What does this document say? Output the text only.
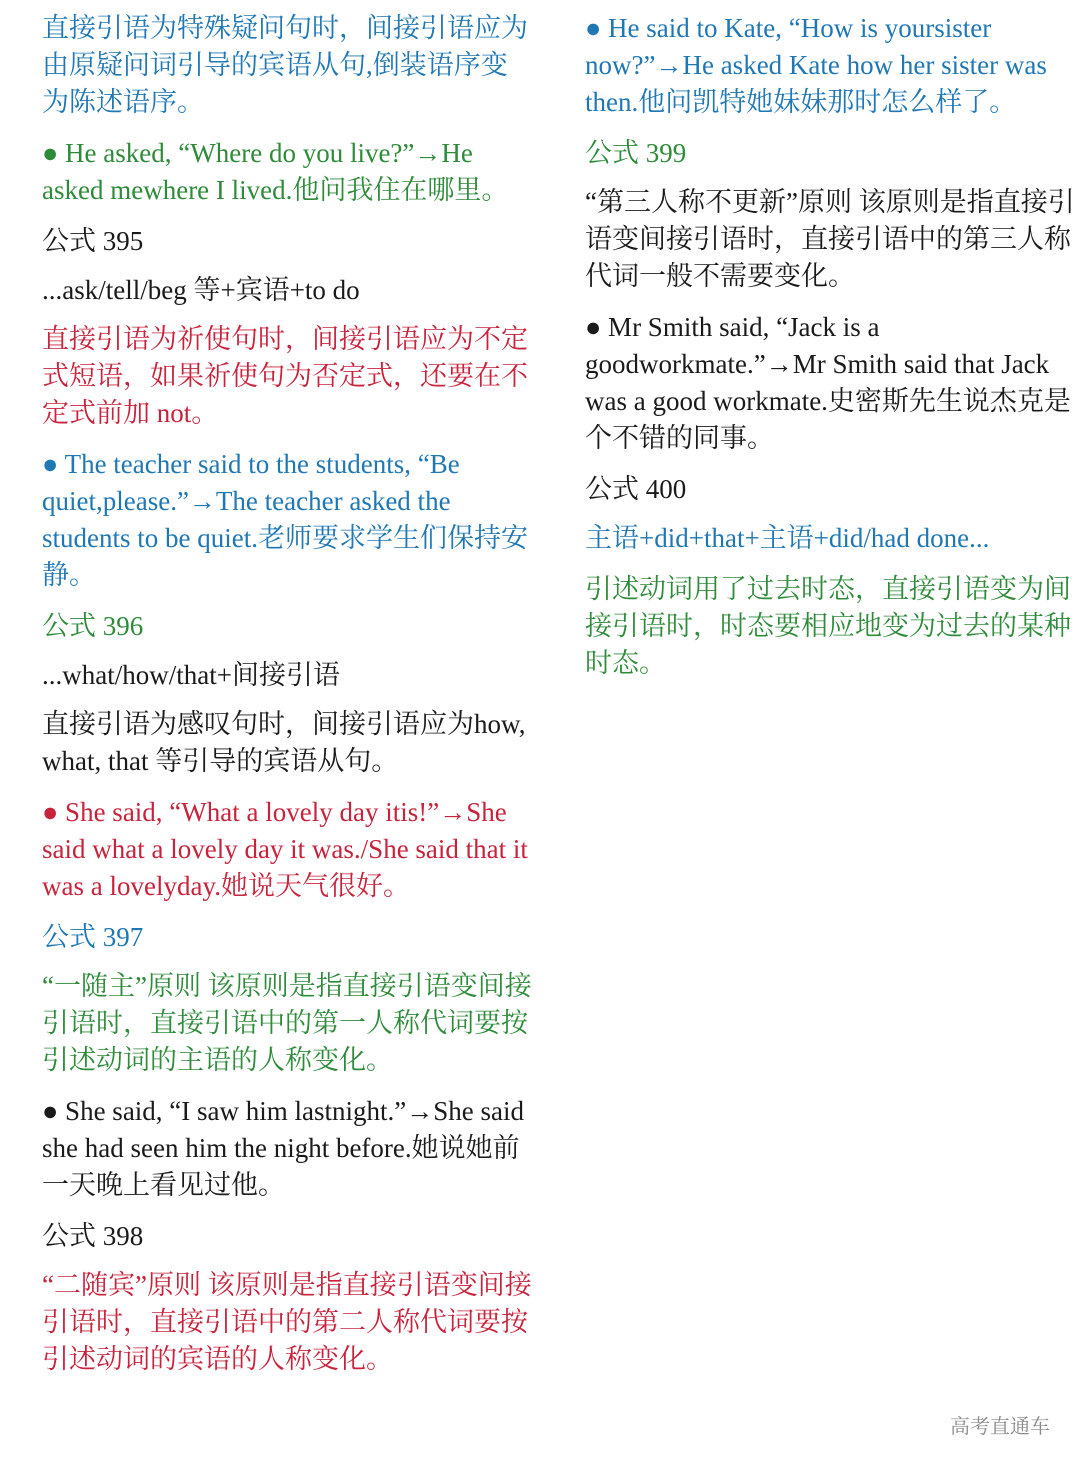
直接引语为特殊疑问句时，间接引语应为由原疑问词引导的宾语从句,倒装语序变为陈述语序。

● He asked, “Where do you live?”→He asked mewhere I lived.他问我住在哪里。

公式 395

...ask/tell/beg 等+宾语+to do

直接引语为祈使句时，间接引语应为不定式短语，如果祈使句为否定式，还要在不定式前加 not。

● The teacher said to the students, “Be quiet,please.”→The teacher asked the students to be quiet.老师要求学生们保持安静。

公式 396

...what/how/that+间接引语

直接引语为感叹句时，间接引语应为how, what, that 等引导的宾语从句。

● She said, “What a lovely day itis!”→She said what a lovely day it was./She said that it was a lovelyday.她说天气很好。

公式 397

“一随主”原则 该原则是指直接引语变间接引语时，直接引语中的第一人称代词要按引述动词的主语的人称变化。

● She said, “I saw him lastnight.”→She said she had seen him the night before.她说她前一天晚上看见过他。

公式 398

“二随宾”原则 该原则是指直接引语变间接引语时，直接引语中的第二人称代词要按引述动词的宾语的人称变化。

● He said to Kate, “How is yoursister now?”→He asked Kate how her sister was then.他问凯特她妹妹那时怎么样了。

公式 399

“第三人称不更新”原则 该原则是指直接引语变间接引语时，直接引语中的第三人称代词一般不需要变化。

● Mr Smith said, “Jack is a goodworkmate.”→Mr Smith said that Jack was a good workmate.史密斯先生说杰克是个不错的同事。

公式 400

主语+did+that+主语+did/had done...

引述动词用了过去时态，直接引语变为间接引语时，时态要相应地变为过去的某种时态。

高考直通车
